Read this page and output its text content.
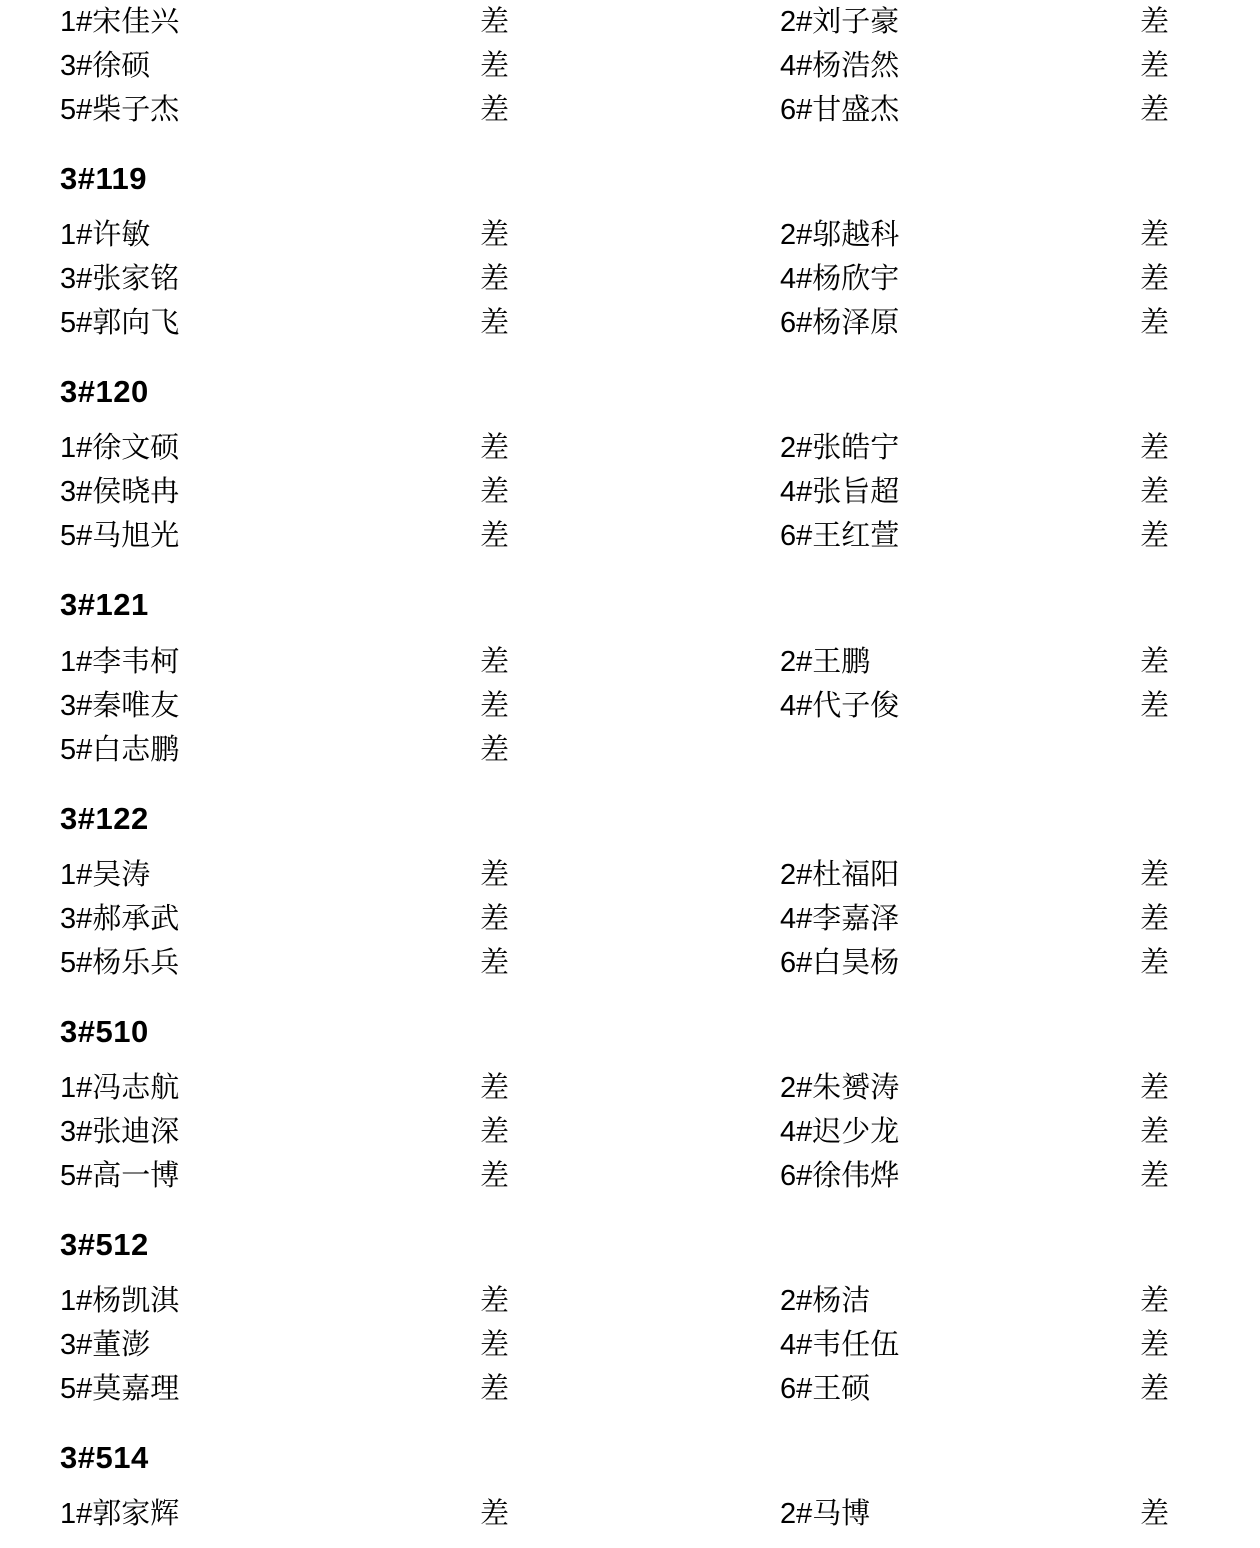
1#宋佳兴	差	2#刘子豪	差
3#徐硕	差	4#杨浩然	差
5#柴子杰	差	6#甘盛杰	差
3#119
1#许敏	差	2#邬越科	差
3#张家铭	差	4#杨欣宇	差
5#郭向飞	差	6#杨泽原	差
3#120
1#徐文硕	差	2#张皓宁	差
3#侯晓冉	差	4#张旨超	差
5#马旭光	差	6#王红萱	差
3#121
1#李韦柯	差	2#王鹏	差
3#秦唯友	差	4#代子俊	差
5#白志鹏	差
3#122
1#吴涛	差	2#杜福阳	差
3#郝承武	差	4#李嘉泽	差
5#杨乐兵	差	6#白昊杨	差
3#510
1#冯志航	差	2#朱赟涛	差
3#张迪深	差	4#迟少龙	差
5#高一博	差	6#徐伟烨	差
3#512
1#杨凯淇	差	2#杨洁	差
3#董澎	差	4#韦任伍	差
5#莫嘉理	差	6#王硕	差
3#514
1#郭家辉	差	2#马博	差
